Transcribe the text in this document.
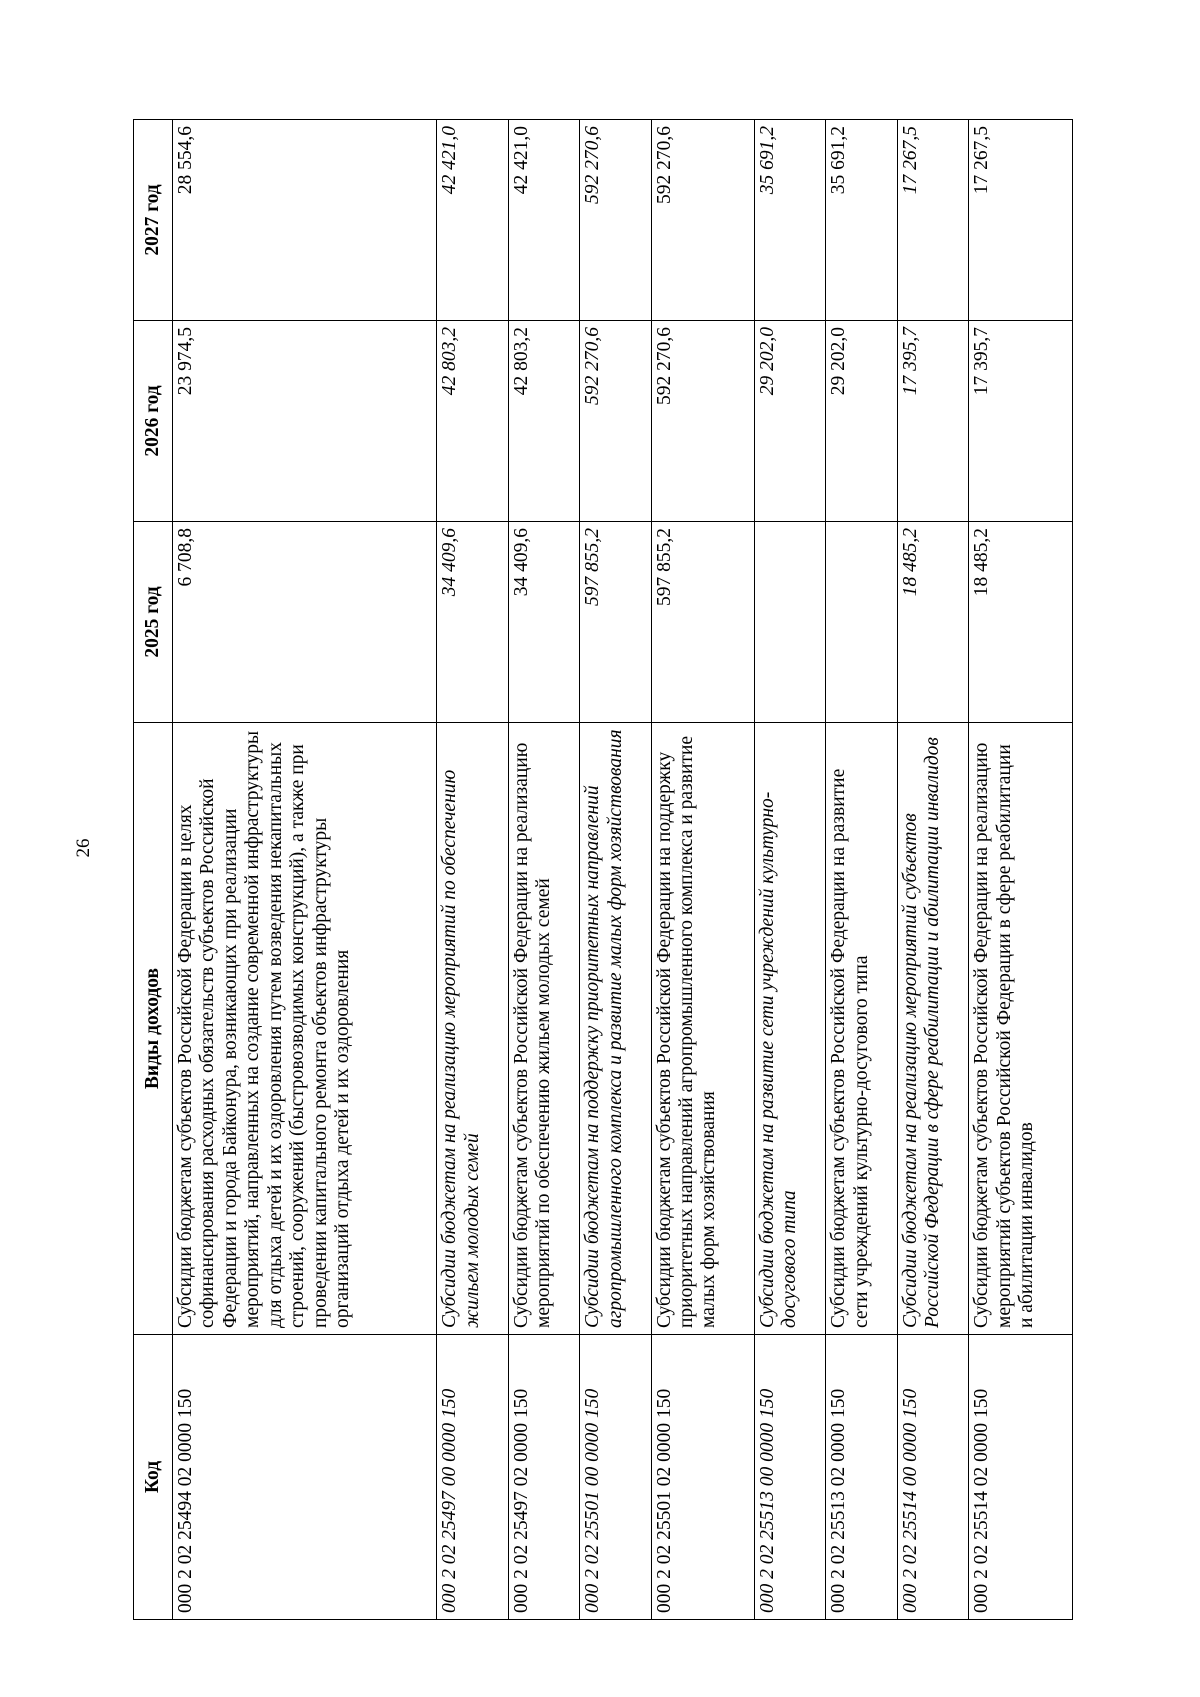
26
Код	Виды доходов	2025 год	2026 год	2027 год
000 2 02 25494 02 0000 150	Субсидии бюджетам субъектов Российской Федерации в целях софинансирования расходных обязательств субъектов Российской Федерации и города Байконура, возникающих при реализации мероприятий, направленных на создание современной инфраструктуры для отдыха детей и их оздоровления путем возведения некапитальных строений, сооружений (быстровозводимых конструкций), а также при проведении капитального ремонта объектов инфраструктуры организаций отдыха детей и их оздоровления	6 708,8	23 974,5	28 554,6
000 2 02 25497 00 0000 150	Субсидии бюджетам на реализацию мероприятий по обеспечению жильем молодых семей	34 409,6	42 803,2	42 421,0
000 2 02 25497 02 0000 150	Субсидии бюджетам субъектов Российской Федерации на реализацию мероприятий по обеспечению жильем молодых семей	34 409,6	42 803,2	42 421,0
000 2 02 25501 00 0000 150	Субсидии бюджетам на поддержку приоритетных направлений агропромышленного комплекса и развитие малых форм хозяйствования	597 855,2	592 270,6	592 270,6
000 2 02 25501 02 0000 150	Субсидии бюджетам субъектов Российской Федерации на поддержку приоритетных направлений агропромышленного комплекса и развитие малых форм хозяйствования	597 855,2	592 270,6	592 270,6
000 2 02 25513 00 0000 150	Субсидии бюджетам на развитие сети учреждений культурно-досугового типа		29 202,0	35 691,2
000 2 02 25513 02 0000 150	Субсидии бюджетам субъектов Российской Федерации на развитие сети учреждений культурно-досугового типа		29 202,0	35 691,2
000 2 02 25514 00 0000 150	Субсидии бюджетам на реализацию мероприятий субъектов Российской Федерации в сфере реабилитации и абилитации инвалидов	18 485,2	17 395,7	17 267,5
000 2 02 25514 02 0000 150	Субсидии бюджетам субъектов Российской Федерации на реализацию мероприятий субъектов Российской Федерации в сфере реабилитации и абилитации инвалидов	18 485,2	17 395,7	17 267,5
